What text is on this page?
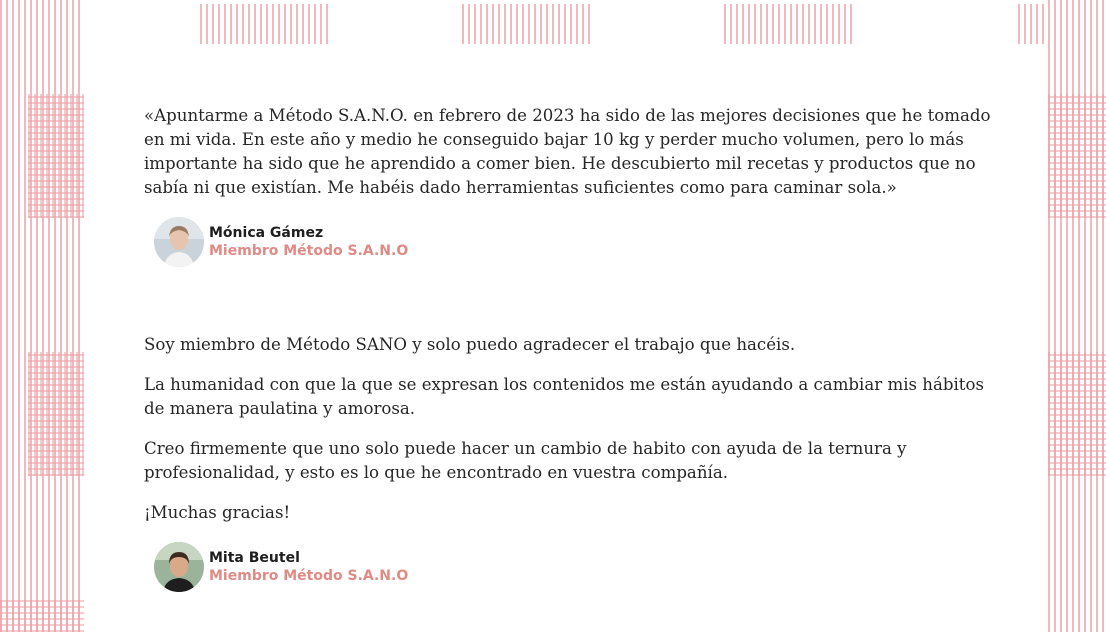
«Apuntarme a Método S.A.N.O. en febrero de 2023 ha sido de las mejores decisiones que he tomado en mi vida. En este año y medio he conseguido bajar 10 kg y perder mucho volumen, pero lo más importante ha sido que he aprendido a comer bien. He descubierto mil recetas y productos que no sabía ni que existían. Me habéis dado herramientas suficientes como para caminar sola.»

Mónica Gámez
Miembro Método S.A.N.O

Soy miembro de Método SANO y solo puedo agradecer el trabajo que hacéis.

La humanidad con que la que se expresan los contenidos me están ayudando a cambiar mis hábitos de manera paulatina y amorosa.

Creo firmemente que uno solo puede hacer un cambio de habito con ayuda de la ternura y profesionalidad, y esto es lo que he encontrado en vuestra compañía.

¡Muchas gracias!

Mita Beutel
Miembro Método S.A.N.O
